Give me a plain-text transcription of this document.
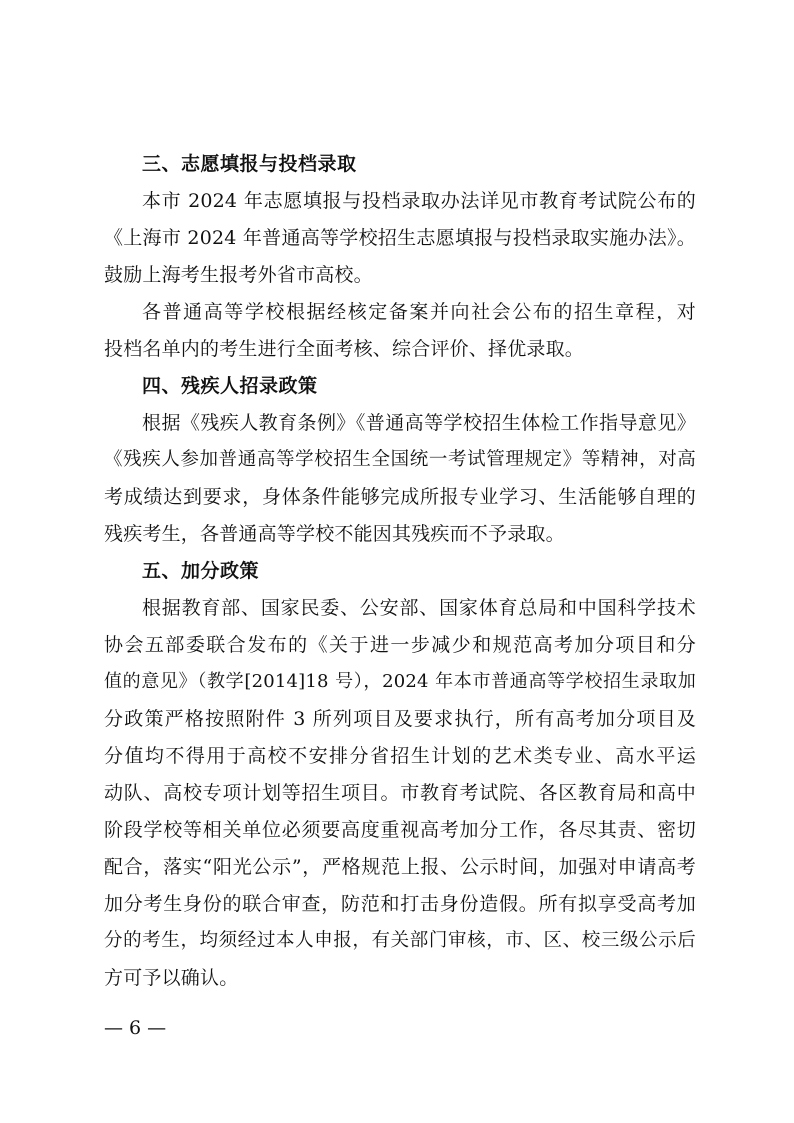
三、志愿填报与投档录取
本市 2024 年志愿填报与投档录取办法详见市教育考试院公布的
《上海市 2024 年普通高等学校招生志愿填报与投档录取实施办法》。
鼓励上海考生报考外省市高校。
各普通高等学校根据经核定备案并向社会公布的招生章程，对
投档名单内的考生进行全面考核、综合评价、择优录取。
四、残疾人招录政策
根据《残疾人教育条例》《普通高等学校招生体检工作指导意见》
《残疾人参加普通高等学校招生全国统一考试管理规定》等精神，对高
考成绩达到要求，身体条件能够完成所报专业学习、生活能够自理的
残疾考生，各普通高等学校不能因其残疾而不予录取。
五、加分政策
根据教育部、国家民委、公安部、国家体育总局和中国科学技术
协会五部委联合发布的《关于进一步减少和规范高考加分项目和分
值的意见》（教学[2014]18 号），2024 年本市普通高等学校招生录取加
分政策严格按照附件 3 所列项目及要求执行，所有高考加分项目及
分值均不得用于高校不安排分省招生计划的艺术类专业、高水平运
动队、高校专项计划等招生项目。市教育考试院、各区教育局和高中
阶段学校等相关单位必须要高度重视高考加分工作，各尽其责、密切
配合，落实“阳光公示”，严格规范上报、公示时间，加强对申请高考
加分考生身份的联合审查，防范和打击身份造假。所有拟享受高考加
分的考生，均须经过本人申报，有关部门审核，市、区、校三级公示后
方可予以确认。
— 6 —
